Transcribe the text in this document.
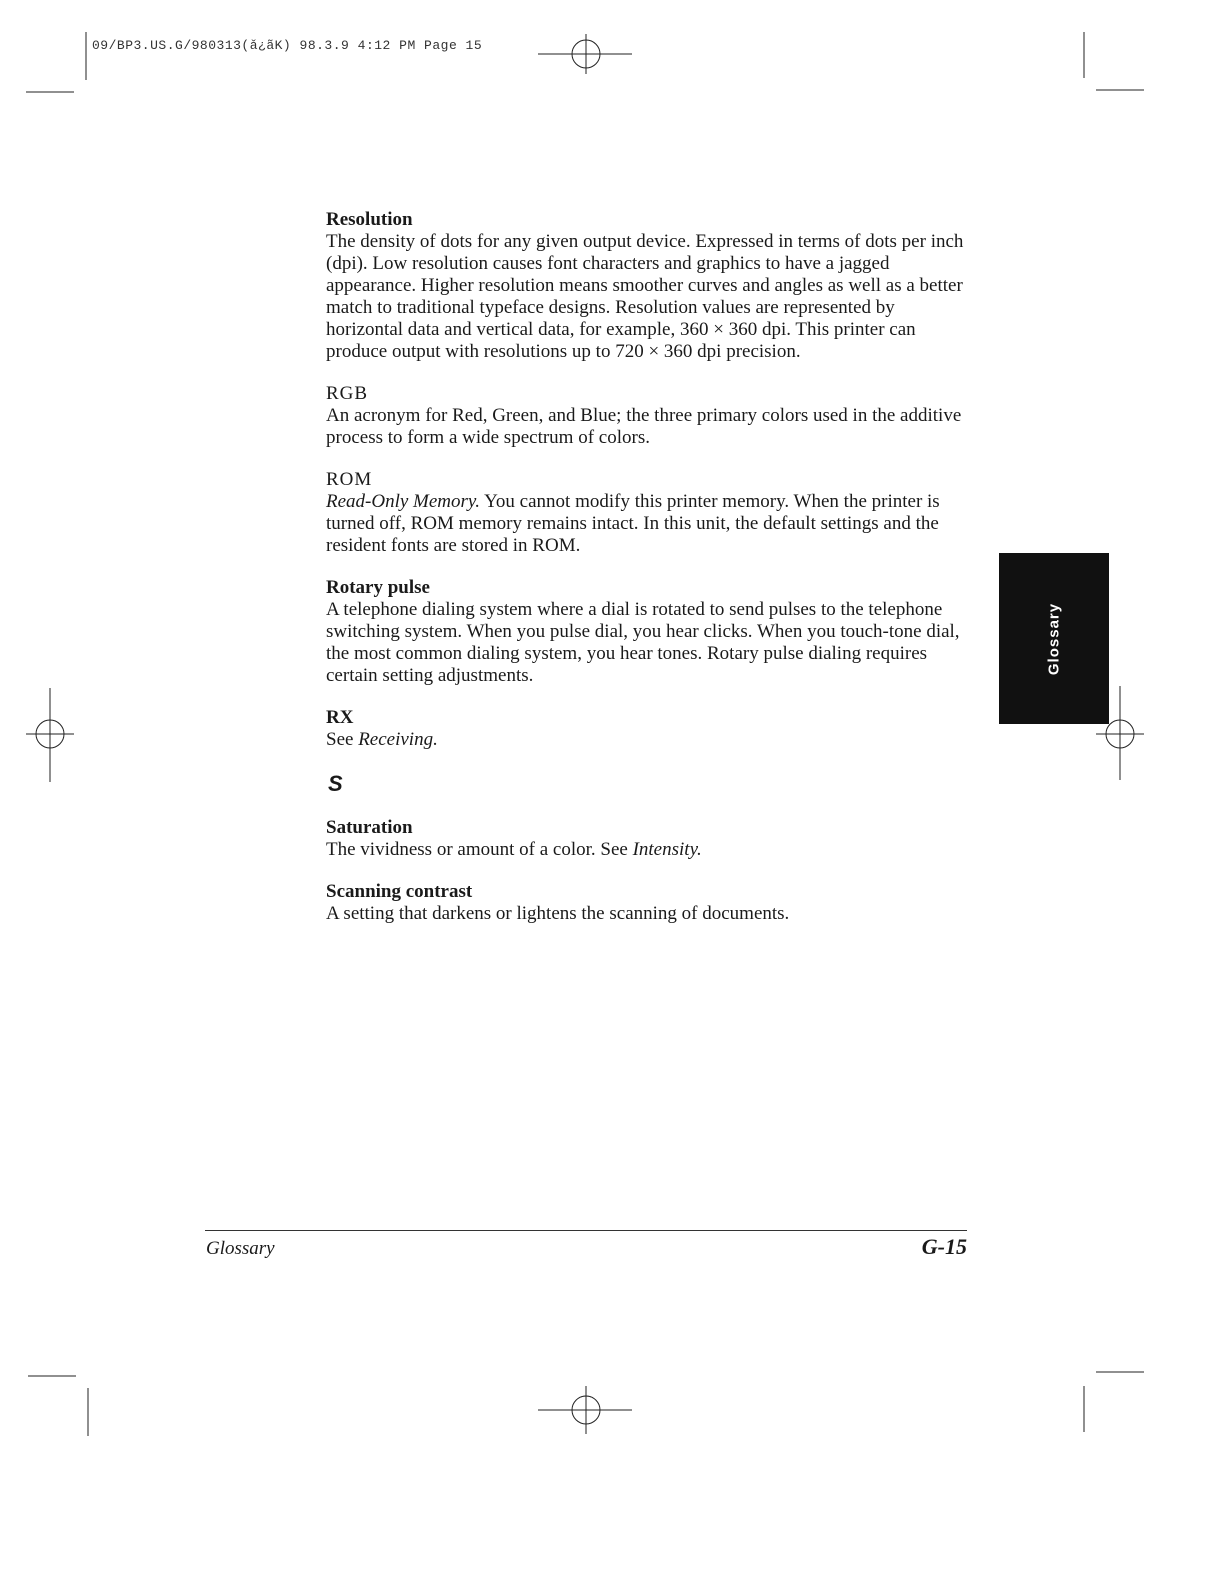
09/BP3.US.G/980313(ǎ¿ãK) 98.3.9 4:12 PM Page 15
Resolution
The density of dots for any given output device. Expressed in terms of dots per inch (dpi). Low resolution causes font characters and graphics to have a jagged appearance. Higher resolution means smoother curves and angles as well as a better match to traditional typeface designs. Resolution values are represented by horizontal data and vertical data, for example, 360 × 360 dpi. This printer can produce output with resolutions up to 720 × 360 dpi precision.
RGB
An acronym for Red, Green, and Blue; the three primary colors used in the additive process to form a wide spectrum of colors.
ROM
Read-Only Memory. You cannot modify this printer memory. When the printer is turned off, ROM memory remains intact. In this unit, the default settings and the resident fonts are stored in ROM.
Rotary pulse
A telephone dialing system where a dial is rotated to send pulses to the telephone switching system. When you pulse dial, you hear clicks. When you touch-tone dial, the most common dialing system, you hear tones. Rotary pulse dialing requires certain setting adjustments.
RX
See Receiving.
S
Saturation
The vividness or amount of a color. See Intensity.
Scanning contrast
A setting that darkens or lightens the scanning of documents.
Glossary
Glossary	G-15
